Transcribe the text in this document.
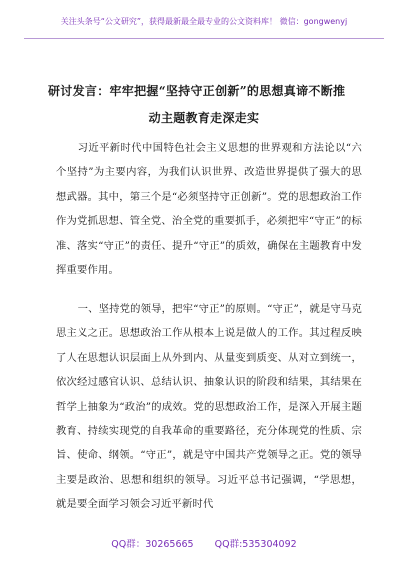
关注头条号“公文研究”，获得最新最全最专业的公文资料库！ 微信：gongwenyj
研讨发言：牢牢把握“坚持守正创新”的思想真谛不断推
动主题教育走深走实
习近平新时代中国特色社会主义思想的世界观和方法论以“六个坚持”为主要内容，为我们认识世界、改造世界提供了强大的思想武器。其中，第三个是“必须坚持守正创新”。党的思想政治工作作为党抓思想、管全党、治全党的重要抓手，必须把牢“守正”的标准、落实“守正”的责任、提升“守正”的质效，确保在主题教育中发挥重要作用。
一、坚持党的领导，把牢“守正”的原则。“守正”，就是守马克思主义之正。思想政治工作从根本上说是做人的工作。其过程反映了人在思想认识层面上从外到内、从量变到质变、从对立到统一，依次经过感官认识、总结认识、抽象认识的阶段和结果，其结果在哲学上抽象为“政治”的成效。党的思想政治工作，是深入开展主题教育、持续实现党的自我革命的重要路径，充分体现党的性质、宗旨、使命、纲领。“守正”，就是守中国共产党领导之正。党的领导主要是政治、思想和组织的领导。习近平总书记强调，“学思想，就是要全面学习领会习近平新时代
QQ群：30265665 QQ群:535304092
